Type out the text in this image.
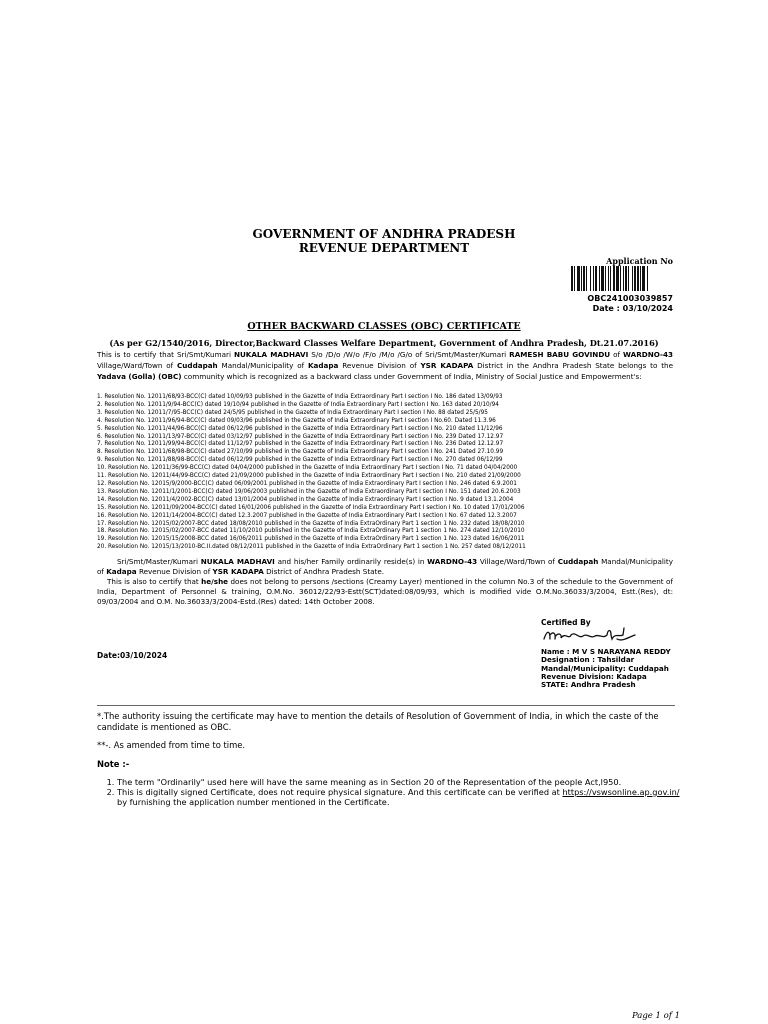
GOVERNMENT OF ANDHRA PRADESH
REVENUE DEPARTMENT
Application No
OBC241003039857
Date : 03/10/2024
OTHER BACKWARD CLASSES (OBC) CERTIFICATE
(As per G2/1540/2016, Director,Backward Classes Welfare Department, Government of Andhra Pradesh, Dt.21.07.2016)
This is to certify that Sri/Smt/Kumari NUKALA MADHAVI S/o /D/o /W/o /F/o /M/o /G/o of Sri/Smt/Master/Kumari RAMESH BABU GOVINDU of WARDNO-43 Village/Ward/Town of Cuddapah Mandal/Municipality of Kadapa Revenue Division of YSR KADAPA District in the Andhra Pradesh State belongs to the Yadava (Golla) (OBC) community which is recognized as a backward class under Government of India, Ministry of Social Justice and Empowerment's:
1. Resolution No. 12011/68/93-BCC(C) dated 10/09/93 published in the Gazette of India Extraordinary Part I section I No. 186 dated 13/09/93
2. Resolution No. 12011/9/94-BCC(C) dated 19/10/94 published in the Gazette of India Extraordinary Part I section I No. 163 dated 20/10/94
3. Resolution No. 12011/7/95-BCC(C) dated 24/5/95 published in the Gazette of India Extraordinary Part I section I No. 88 dated 25/5/95
4. Resolution No. 12011/96/94-BCC(C) dated 09/03/96 published in the Gazette of India Extraordinary Part I section I No.60. Dated 11.3.96
5. Resolution No. 12011/44/96-BCC(C) dated 06/12/96 published in the Gazette of India Extraordinary Part I section I No. 210 dated 11/12/96
6. Resolution No. 12011/13/97-BCC(C) dated 03/12/97 published in the Gazette of India Extraordinary Part I section I No. 239 Dated 17.12.97
7. Resolution No. 12011/99/94-BCC(C) dated 11/12/97 published in the Gazette of India Extraordinary Part I section I No. 236 Dated 12.12.97
8. Resolution No. 12011/68/98-BCC(C) dated 27/10/99 published in the Gazette of India Extraordinary Part I section I No. 241 Dated 27.10.99
9. Resolution No. 12011/88/98-BCC(C) dated 06/12/99 published in the Gazette of India Extraordinary Part I section I No. 270 dated 06/12/99
10. Resolution No. 12011/36/99-BCC(C) dated 04/04/2000 published in the Gazette of India Extraordinary Part I section I No. 71 dated 04/04/2000
11. Resolution No. 12011/44/99-BCC(C) dated 21/09/2000 published in the Gazette of India Extraordinary Part I section I No. 210 dated 21/09/2000
12. Resolution No. 12015/9/2000-BCC(C) dated 06/09/2001 published in the Gazette of India Extraordinary Part I section I No. 246 dated 6.9.2001
13. Resolution No. 12011/1/2001-BCC(C) dated 19/06/2003 published in the Gazette of India Extraordinary Part I section I No. 151 dated 20.6.2003
14. Resolution No. 12011/4/2002-BCC(C) dated 13/01/2004 published in the Gazette of India Extraordinary Part I section I No. 9 dated 13.1.2004
15. Resolution No. 12011/09/2004-BCC(C) dated 16/01/2006 published in the Gazette of India Extraordinary Part I section I No. 10 dated 17/01/2006
16. Resolution No. 12011/14/2004-BCC(C) dated 12.3.2007 published in the Gazette of India Extraordinary Part I section I No. 67 dated 12.3.2007
17. Resolution No. 12015/02/2007-BCC dated 18/08/2010 published in the Gazette of India ExtraOrdinary Part 1 section 1 No. 232 dated 18/08/2010
18. Resolution No. 12015/02/2007-BCC dated 11/10/2010 published in the Gazette of India ExtraOrdinary Part 1 section 1 No. 274 dated 12/10/2010
19. Resolution No. 12015/15/2008-BCC dated 16/06/2011 published in the Gazette of India ExtraOrdinary Part 1 section 1 No. 123 dated 16/06/2011
20. Resolution No. 12015/13/2010-BC.II.dated 08/12/2011 published in the Gazette of India ExtraOrdinary Part 1 section 1 No. 257 dated 08/12/2011
Sri/Smt/Master/Kumari NUKALA MADHAVI and his/her Family ordinarily reside(s) in WARDNO-43 Village/Ward/Town of Cuddapah Mandal/Municipality of Kadapa Revenue Division of YSR KADAPA District of Andhra Pradesh State.
This is also to certify that he/she does not belong to persons /sections (Creamy Layer) mentioned in the column No.3 of the schedule to the Government of India, Department of Personnel & training, O.M.No. 36012/22/93-Estt(SCT)dated:08/09/93, which is modified vide O.M.No.36033/3/2004, Estt.(Res), dt: 09/03/2004 and O.M. No.36033/3/2004-Estd.(Res) dated: 14th October 2008.
Certified By
Date:03/10/2024	Name : M V S NARAYANA REDDY
Designation : Tahsildar
Mandal/Municipality: Cuddapah
Revenue Division: Kadapa
STATE: Andhra Pradesh
*.The authority issuing the certificate may have to mention the details of Resolution of Government of India, in which the caste of the candidate is mentioned as OBC.
**-. As amended from time to time.
Note :-
1. The term "Ordinarily" used here will have the same meaning as in Section 20 of the Representation of the people Act,l950.
2. This is digitally signed Certificate, does not require physical signature. And this certificate can be verified at https://vswsonline.ap.gov.in/ by furnishing the application number mentioned in the Certificate.
Page 1 of 1
